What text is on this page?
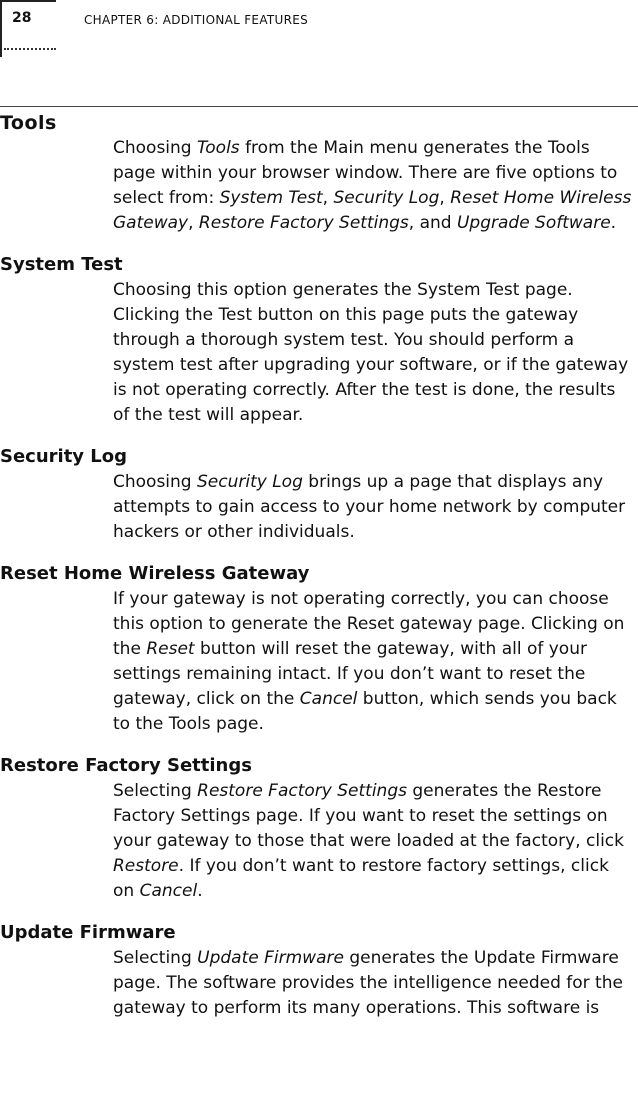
28	CHAPTER 6: ADDITIONAL FEATURES
Tools

Choosing Tools from the Main menu generates the Tools page within your browser window. There are five options to select from: System Test, Security Log, Reset Home Wireless Gateway, Restore Factory Settings, and Upgrade Software.

System Test

Choosing this option generates the System Test page. Clicking the Test button on this page puts the gateway through a thorough system test. You should perform a system test after upgrading your software, or if the gateway is not operating correctly. After the test is done, the results of the test will appear.

Security Log

Choosing Security Log brings up a page that displays any attempts to gain access to your home network by computer hackers or other individuals.

Reset Home Wireless Gateway

If your gateway is not operating correctly, you can choose this option to generate the Reset gateway page. Clicking on the Reset button will reset the gateway, with all of your settings remaining intact. If you don’t want to reset the gateway, click on the Cancel button, which sends you back to the Tools page.

Restore Factory Settings

Selecting Restore Factory Settings generates the Restore Factory Settings page. If you want to reset the settings on your gateway to those that were loaded at the factory, click Restore. If you don’t want to restore factory settings, click on Cancel.

Update Firmware

Selecting Update Firmware generates the Update Firmware page. The software provides the intelligence needed for the gateway to perform its many operations. This software is
